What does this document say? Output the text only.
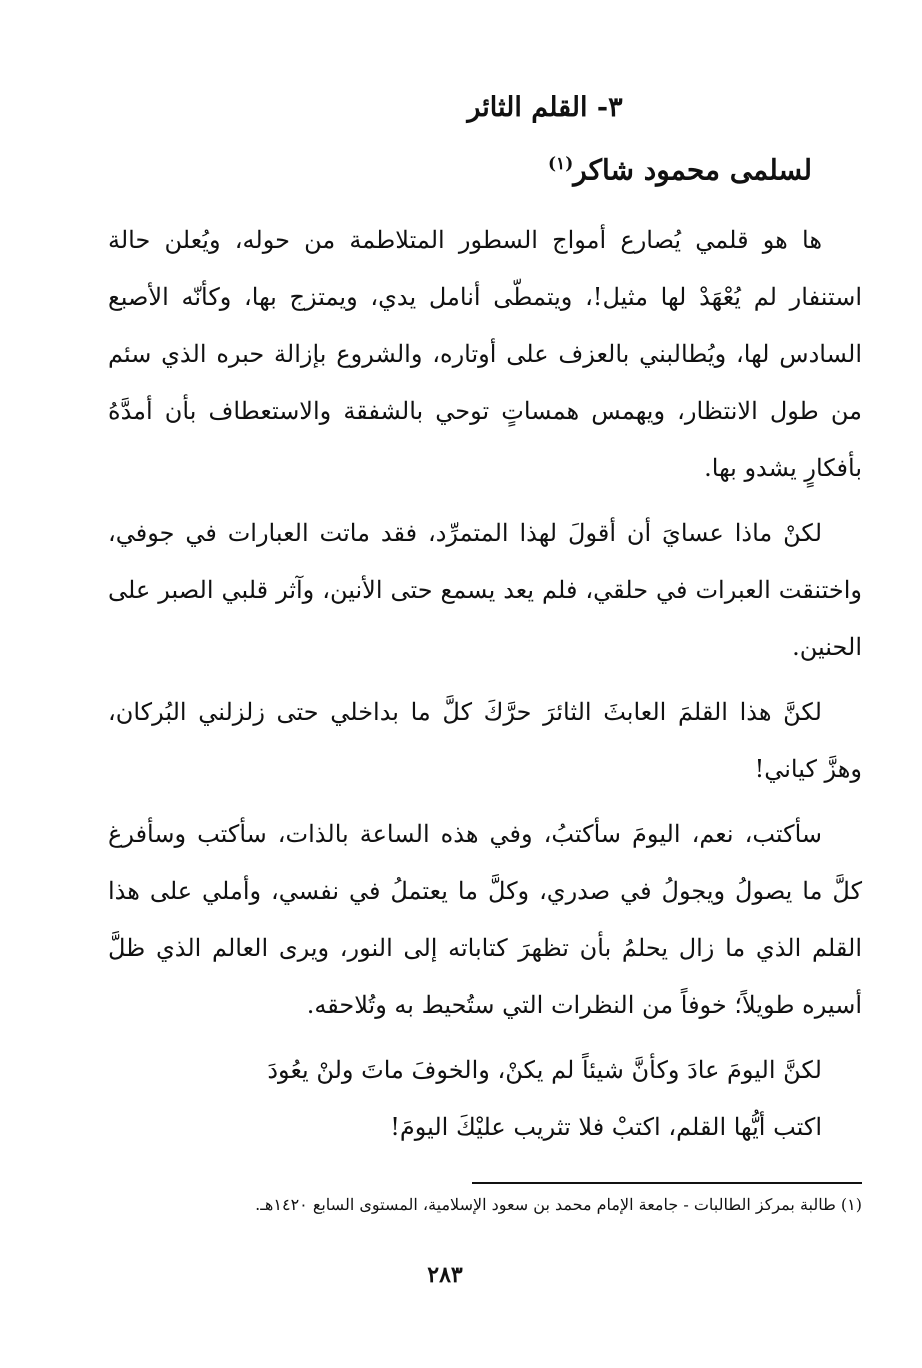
٣- القلم الثائر
لسلمى محمود شاكر$^{(١)}$

ها هو قلمي يُصارع أمواج السطور المتلاطمة من حوله، ويُعلن حالة استنفار لم يُعْهَدْ لها مثيل!، ويتمطّى أنامل يدي، ويمتزج بها، وكأنّه الأصبع السادس لها، ويُطالبني بالعزف على أوتاره، والشروع بإزالة حبره الذي سئم من طول الانتظار، ويهمس همساتٍ توحي بالشفقة والاستعطاف بأن أمدَّهُ بأفكارٍ يشدو بها.

لكنْ ماذا عسايَ أن أقولَ لهذا المتمرِّد، فقد ماتت العبارات في جوفي، واختنقت العبرات في حلقي، فلم يعد يسمع حتى الأنين، وآثر قلبي الصبر على الحنين.

لكنَّ هذا القلمَ العابثَ الثائرَ حرَّكَ كلَّ ما بداخلي حتى زلزلني البُركان، وهزَّ كياني!

سأكتب، نعم، اليومَ سأكتبُ، وفي هذه الساعة بالذات، سأكتب وسأفرغ كلَّ ما يصولُ ويجولُ في صدري، وكلَّ ما يعتملُ في نفسي، وأملي على هذا القلم الذي ما زال يحلمُ بأن تظهرَ كتاباته إلى النور، ويرى العالم الذي ظلَّ أسيره طويلاً؛ خوفاً من النظرات التي ستُحيط به وتُلاحقه.

لكنَّ اليومَ عادَ وكأنَّ شيئاً لم يكنْ، والخوفَ ماتَ ولنْ يعُودَ

اكتب أيُّها القلم، اكتبْ فلا تثريب عليْكَ اليومَ!

(١) طالبة بمركز الطالبات - جامعة الإمام محمد بن سعود الإسلامية، المستوى السابع ١٤٢٠هـ.
٢٨٣
